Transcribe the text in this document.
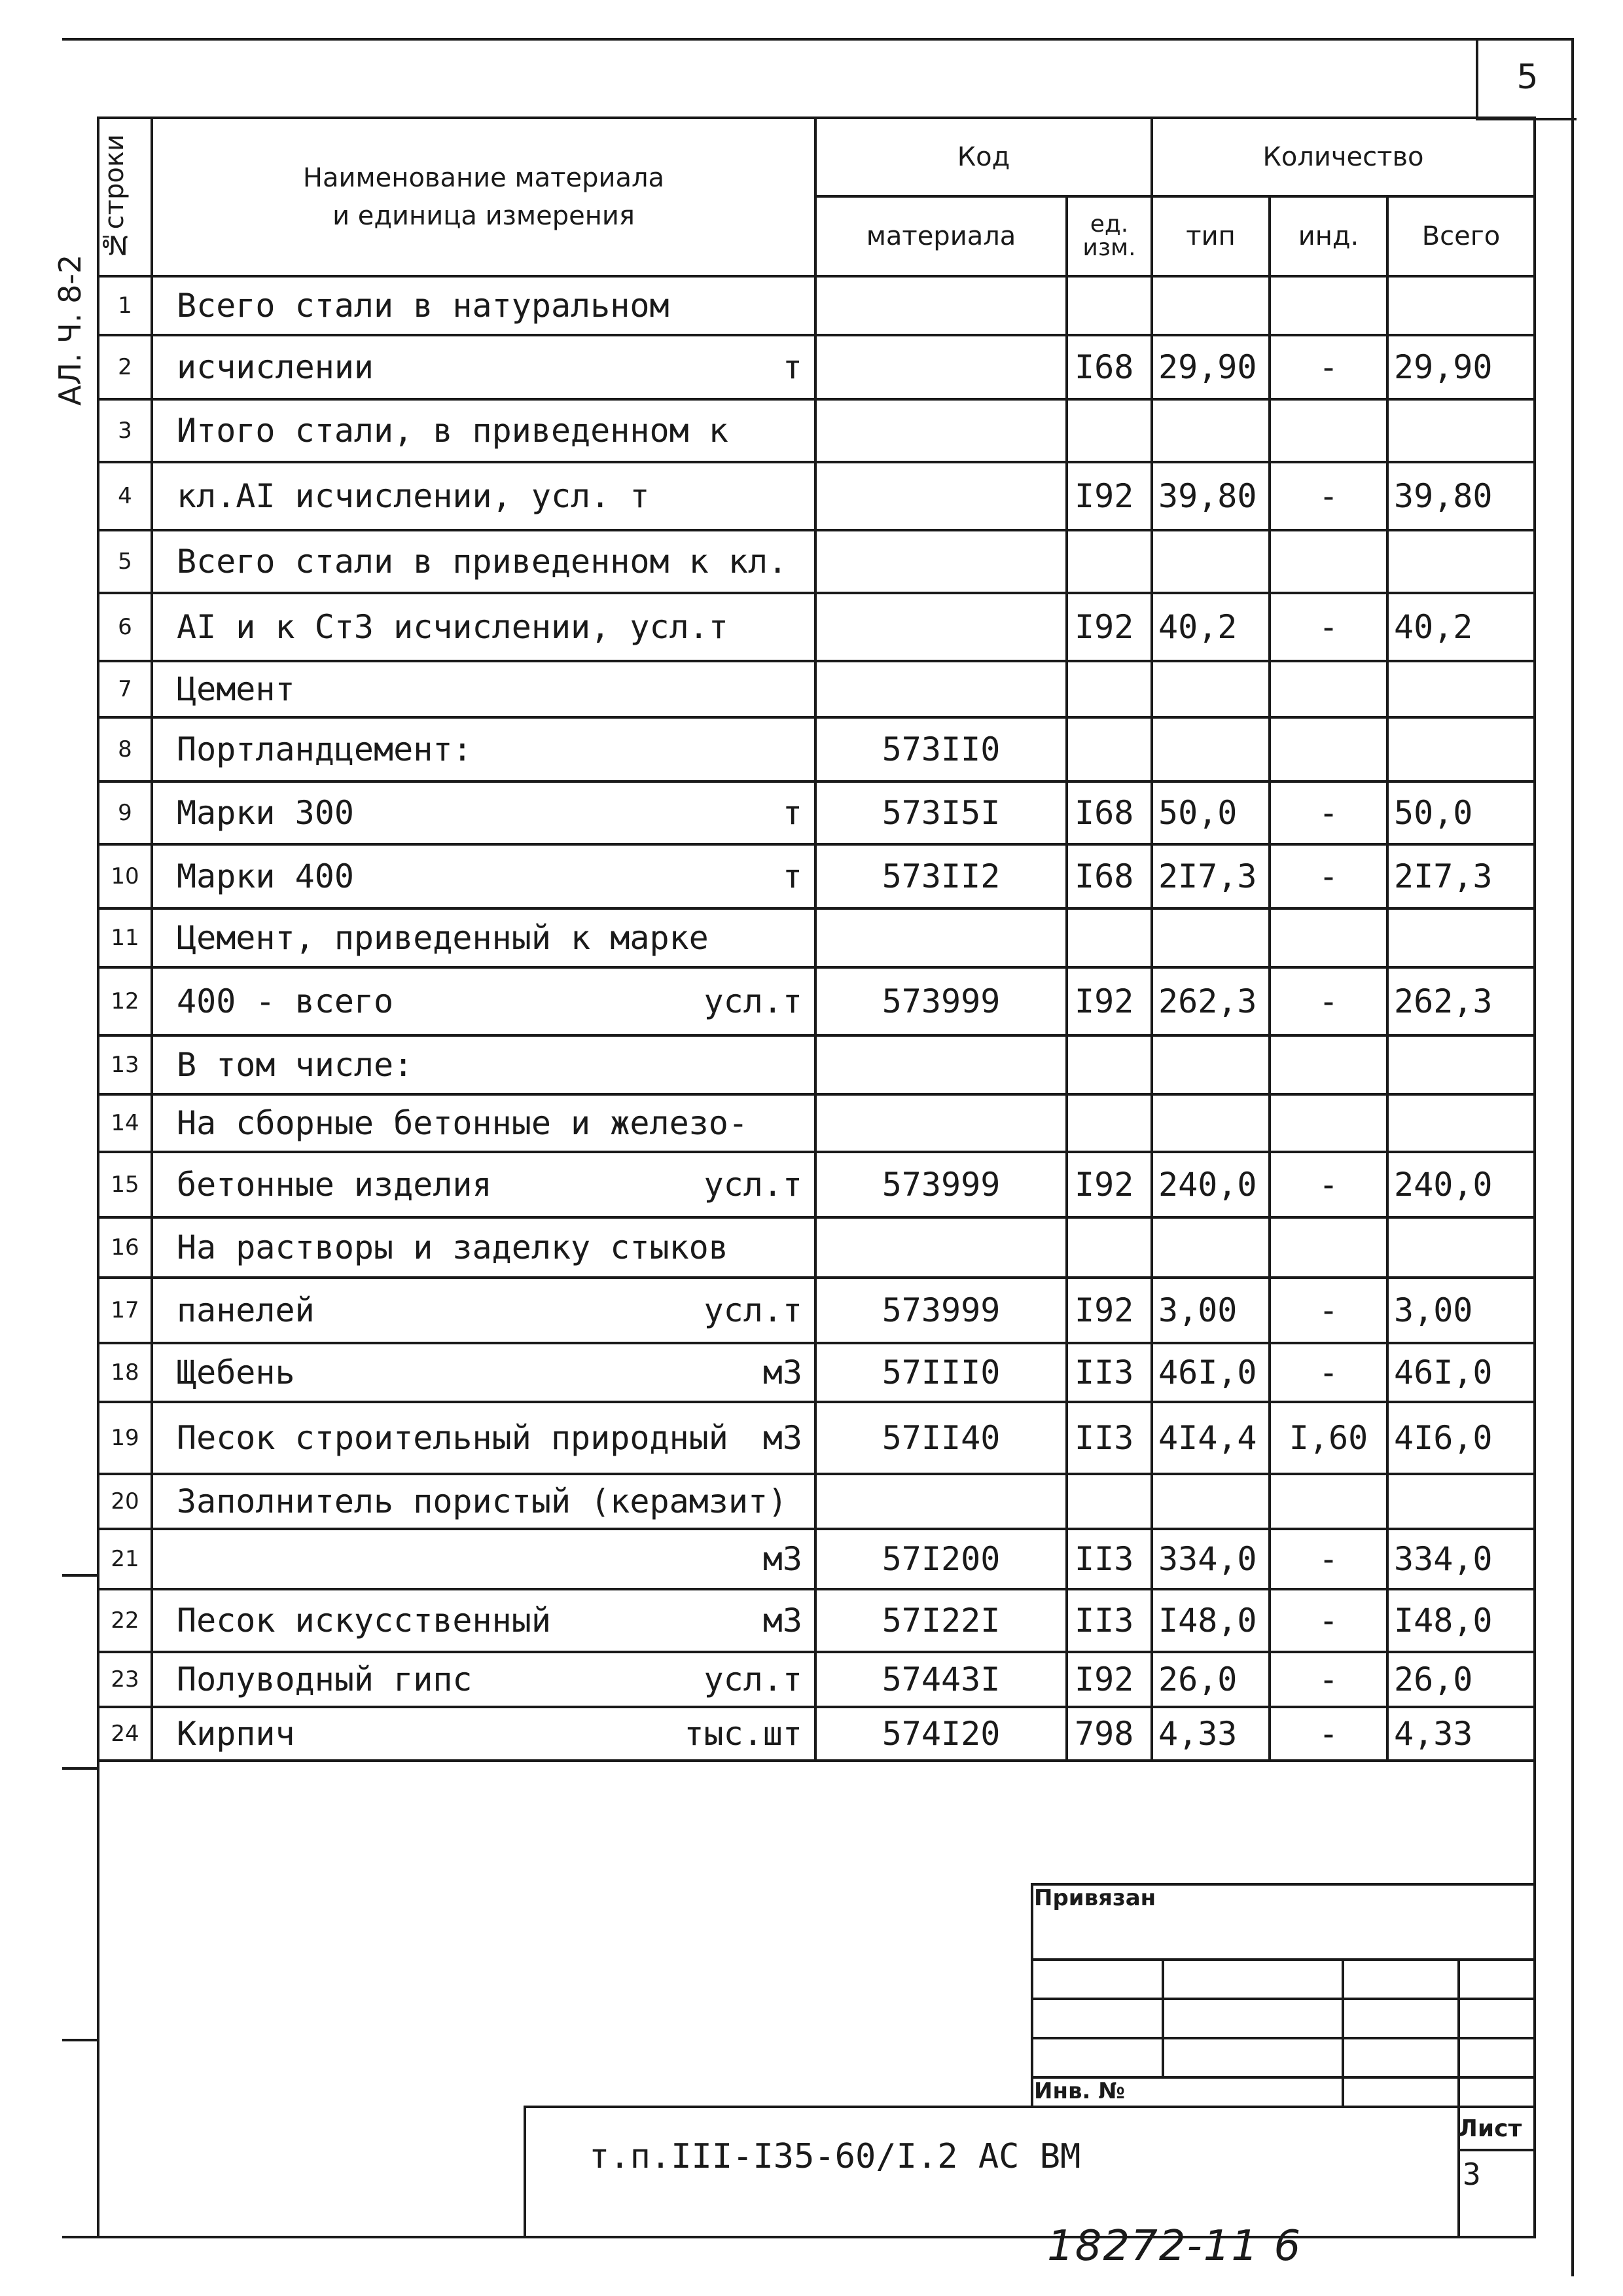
5
АЛ. Ч. 8-2
№строки	Наименование материала
и единица измерения	Код		Количество		
		материала	ед. изм.	тип	инд.	Всего
1	Всего стали в натуральном					

2	исчислении т		I68	29,90	-	29,90
3	Итого стали, в приведенном к					

4	кл.АI исчислении, усл. т		I92	39,80	-	39,80
5	Всего стали в приведенном к кл.					

6	АI и к Ст3 исчислении, усл.т		I92	40,2	-	40,2
7	Цемент					

8	Портландцемент:	573II0				
9	Марки 300 т	573I5I	I68	50,0	-	50,0
10	Марки 400 т	573II2	I68	2I7,3	-	2I7,3
11	Цемент, приведенный к марке					

12	400 - всего усл.т	573999	I92	262,3	-	262,3
13	В том числе:					

14	На сборные бетонные и железо-					

15	бетонные изделия усл.т	573999	I92	240,0	-	240,0
16	На растворы и заделку стыков					

17	панелей усл.т	573999	I92	3,00	-	3,00
18	Щебень м3	57III0	II3	46I,0	-	46I,0
19	Песок строительный природный м3	57II40	II3	4I4,4	I,60	4I6,0
20	Заполнитель пористый (керамзит)					

21	м3	57I200	II3	334,0	-	334,0
22	Песок искусственный м3	57I22I	II3	I48,0	-	I48,0
23	Полуводный гипс усл.т	57443I	I92	26,0	-	26,0
24	Кирпич тыс.шт	574I20	798	4,33	-	4,33
Привязан
Инв. №
т.п.III-I35-60/I.2 АС ВМ
Лист
3
18272-11 6
